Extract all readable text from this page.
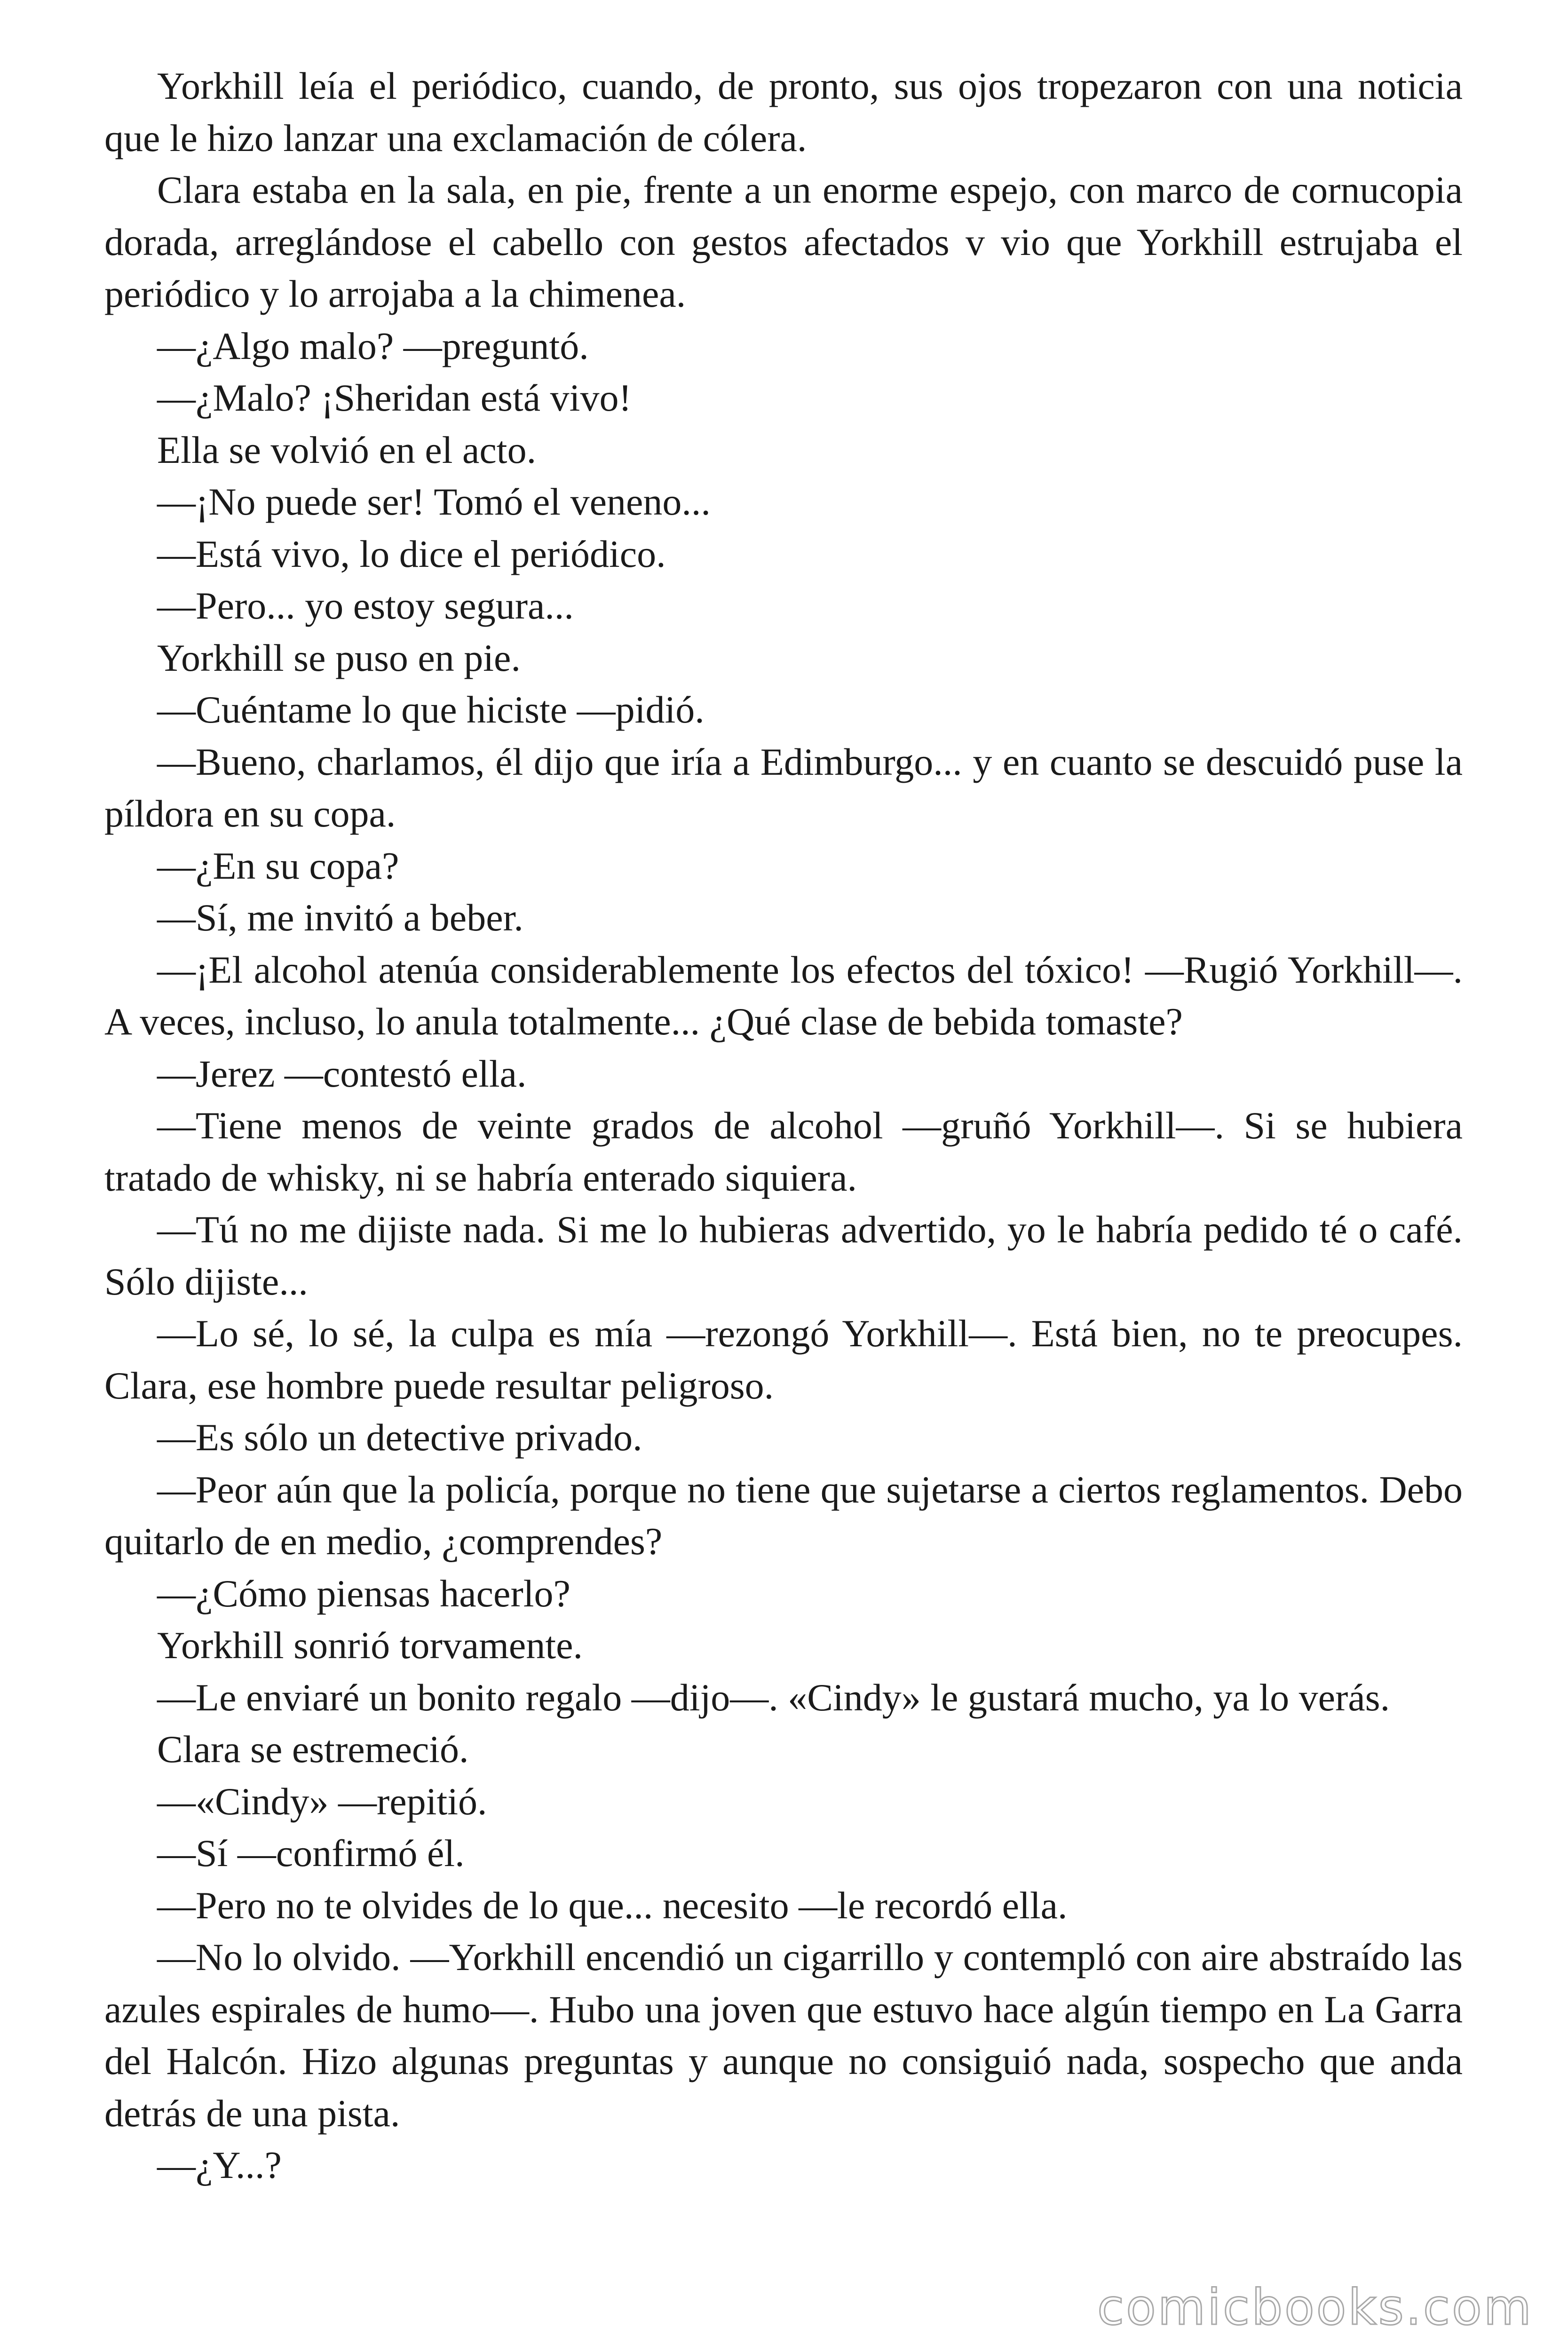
Yorkhill leía el periódico, cuando, de pronto, sus ojos tropezaron con una noticia que le hizo lanzar una exclamación de cólera.

Clara estaba en la sala, en pie, frente a un enorme espejo, con marco de cornucopia dorada, arreglándose el cabello con gestos afectados v vio que Yorkhill estrujaba el periódico y lo arrojaba a la chimenea.

—¿Algo malo? —preguntó.

—¿Malo? ¡Sheridan está vivo!

Ella se volvió en el acto.

—¡No puede ser! Tomó el veneno...

—Está vivo, lo dice el periódico.

—Pero... yo estoy segura...

Yorkhill se puso en pie.

—Cuéntame lo que hiciste —pidió.

—Bueno, charlamos, él dijo que iría a Edimburgo... y en cuanto se descuidó puse la píldora en su copa.

—¿En su copa?

—Sí, me invitó a beber.

—¡El alcohol atenúa considerablemente los efectos del tóxico! —Rugió Yorkhill—. A veces, incluso, lo anula totalmente... ¿Qué clase de bebida tomaste?

—Jerez —contestó ella.

—Tiene menos de veinte grados de alcohol —gruñó Yorkhill—. Si se hubiera tratado de whisky, ni se habría enterado siquiera.

—Tú no me dijiste nada. Si me lo hubieras advertido, yo le habría pedido té o café. Sólo dijiste...

—Lo sé, lo sé, la culpa es mía —rezongó Yorkhill—. Está bien, no te preocupes. Clara, ese hombre puede resultar peligroso.

—Es sólo un detective privado.

—Peor aún que la policía, porque no tiene que sujetarse a ciertos reglamentos. Debo quitarlo de en medio, ¿comprendes?

—¿Cómo piensas hacerlo?

Yorkhill sonrió torvamente.

—Le enviaré un bonito regalo —dijo—. «Cindy» le gustará mucho, ya lo verás.

Clara se estremeció.

—«Cindy» —repitió.

—Sí —confirmó él.

—Pero no te olvides de lo que... necesito —le recordó ella.

—No lo olvido. —Yorkhill encendió un cigarrillo y contempló con aire abstraído las azules espirales de humo—. Hubo una joven que estuvo hace algún tiempo en La Garra del Halcón. Hizo algunas preguntas y aunque no consiguió nada, sospecho que anda detrás de una pista.

—¿Y...?

comicbooks.com
